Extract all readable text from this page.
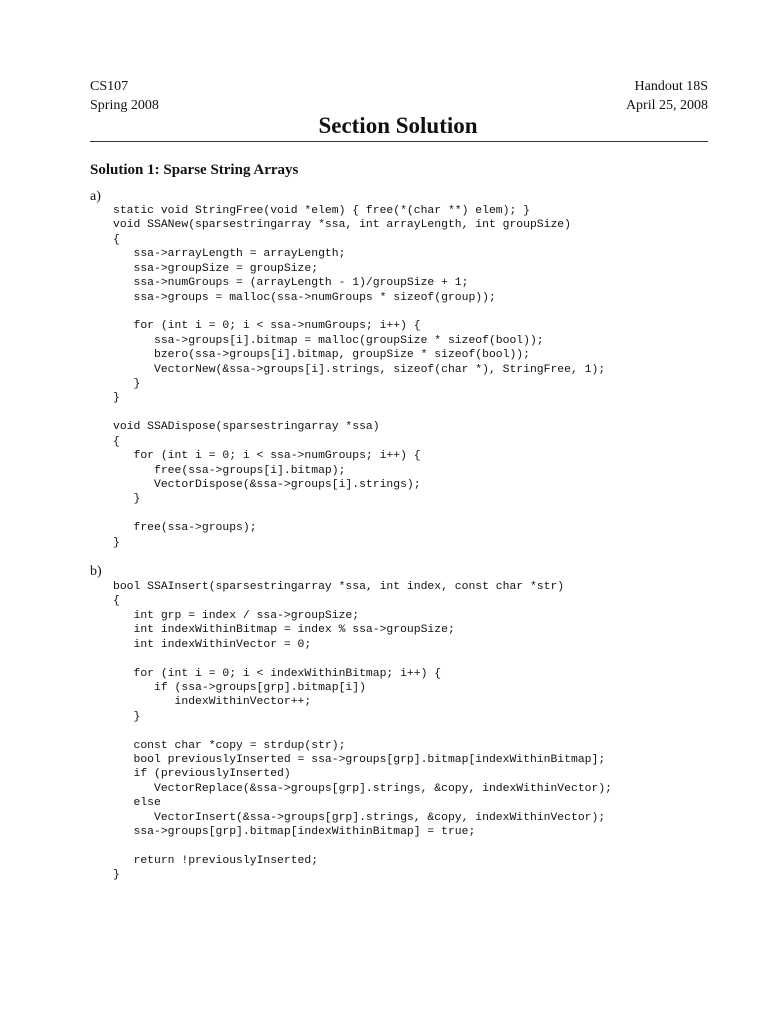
CS107
Spring 2008
Handout 18S
April 25, 2008
Section Solution
Solution 1: Sparse String Arrays
a)
static void StringFree(void *elem) { free(*(char **) elem); }
void SSANew(sparsestringarray *ssa, int arrayLength, int groupSize)
{
ssa->arrayLength = arrayLength;
ssa->groupSize = groupSize;
ssa->numGroups = (arrayLength - 1)/groupSize + 1;
ssa->groups = malloc(ssa->numGroups * sizeof(group));

for (int i = 0; i < ssa->numGroups; i++) {
ssa->groups[i].bitmap = malloc(groupSize * sizeof(bool));
bzero(ssa->groups[i].bitmap, groupSize * sizeof(bool));
VectorNew(&ssa->groups[i].strings, sizeof(char *), StringFree, 1);
}
}

void SSADispose(sparsestringarray *ssa)
{
for (int i = 0; i < ssa->numGroups; i++) {
free(ssa->groups[i].bitmap);
VectorDispose(&ssa->groups[i].strings);
}

free(ssa->groups);
}
b)
bool SSAInsert(sparsestringarray *ssa, int index, const char *str)
{
int grp = index / ssa->groupSize;
int indexWithinBitmap = index % ssa->groupSize;
int indexWithinVector = 0;

for (int i = 0; i < indexWithinBitmap; i++) {
if (ssa->groups[grp].bitmap[i])
indexWithinVector++;
}

const char *copy = strdup(str);
bool previouslyInserted = ssa->groups[grp].bitmap[indexWithinBitmap];
if (previouslyInserted)
VectorReplace(&ssa->groups[grp].strings, &copy, indexWithinVector);
else
VectorInsert(&ssa->groups[grp].strings, &copy, indexWithinVector);
ssa->groups[grp].bitmap[indexWithinBitmap] = true;

return !previouslyInserted;
}
